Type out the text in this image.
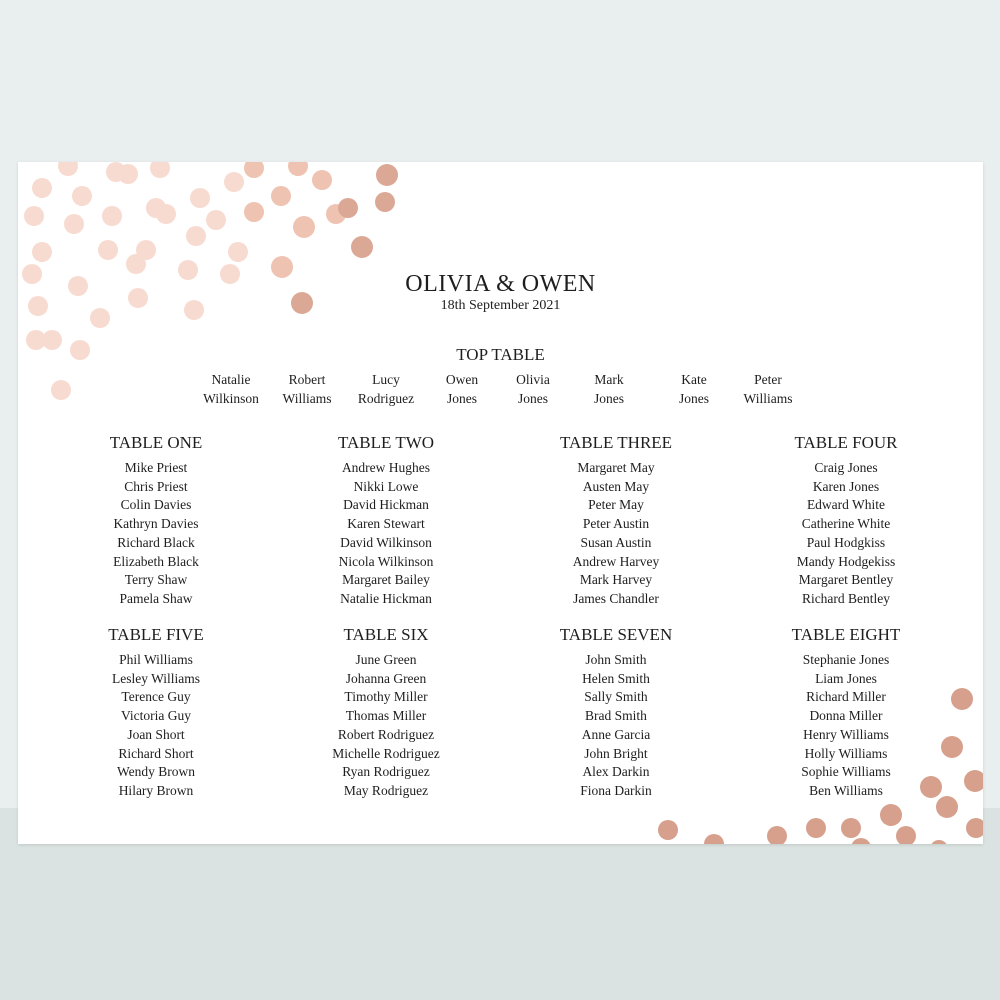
OLIVIA & OWEN
18th September 2021
TOP TABLE
Natalie
Wilkinson
Robert
Williams
Lucy
Rodriguez
Owen
Jones
Olivia
Jones
Mark
Jones
Kate
Jones
Peter
Williams
TABLE ONE
Mike Priest
Chris Priest
Colin Davies
Kathryn Davies
Richard Black
Elizabeth Black
Terry Shaw
Pamela Shaw
TABLE TWO
Andrew Hughes
Nikki Lowe
David Hickman
Karen Stewart
David Wilkinson
Nicola Wilkinson
Margaret Bailey
Natalie Hickman
TABLE THREE
Margaret May
Austen May
Peter May
Peter Austin
Susan Austin
Andrew Harvey
Mark Harvey
James Chandler
TABLE FOUR
Craig Jones
Karen Jones
Edward White
Catherine White
Paul Hodgkiss
Mandy Hodgekiss
Margaret Bentley
Richard Bentley
TABLE FIVE
Phil Williams
Lesley Williams
Terence Guy
Victoria Guy
Joan Short
Richard Short
Wendy Brown
Hilary Brown
TABLE SIX
June Green
Johanna Green
Timothy Miller
Thomas Miller
Robert Rodriguez
Michelle Rodriguez
Ryan Rodriguez
May Rodriguez
TABLE SEVEN
John Smith
Helen Smith
Sally Smith
Brad Smith
Anne Garcia
John Bright
Alex Darkin
Fiona Darkin
TABLE EIGHT
Stephanie Jones
Liam Jones
Richard Miller
Donna Miller
Henry Williams
Holly Williams
Sophie Williams
Ben Williams
